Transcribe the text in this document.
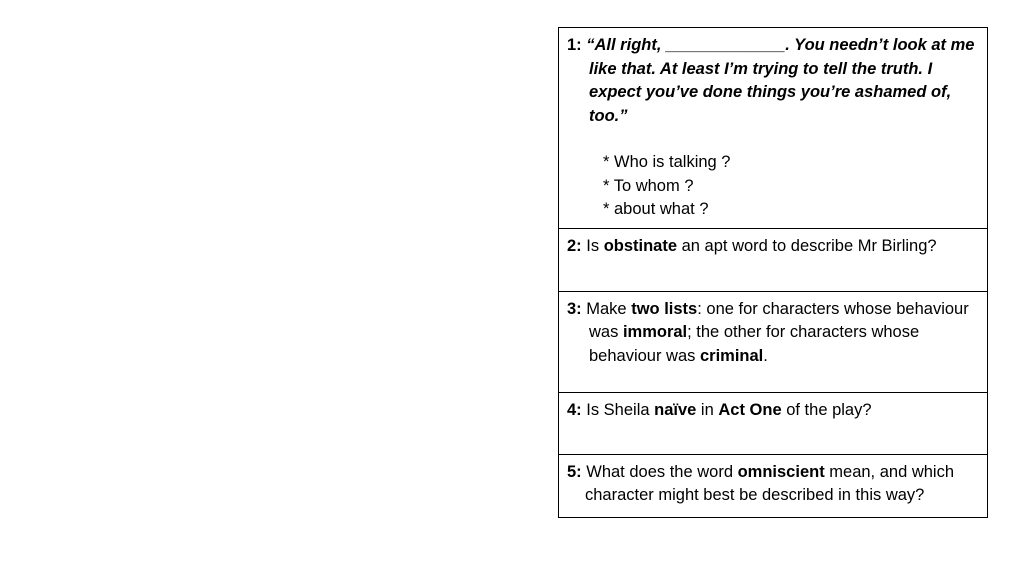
1: “All right, _____________. You needn’t look at me like that. At least I’m trying to tell the truth. I expect you’ve done things you’re ashamed of, too.”

* Who is talking ?
* To whom ?
* about what ?

2: Is obstinate an apt word to describe Mr Birling?

3: Make two lists: one for characters whose behaviour was immoral; the other for characters whose behaviour was criminal.

4: Is Sheila naïve in Act One of the play?

5: What does the word omniscient mean, and which character might best be described in this way?
